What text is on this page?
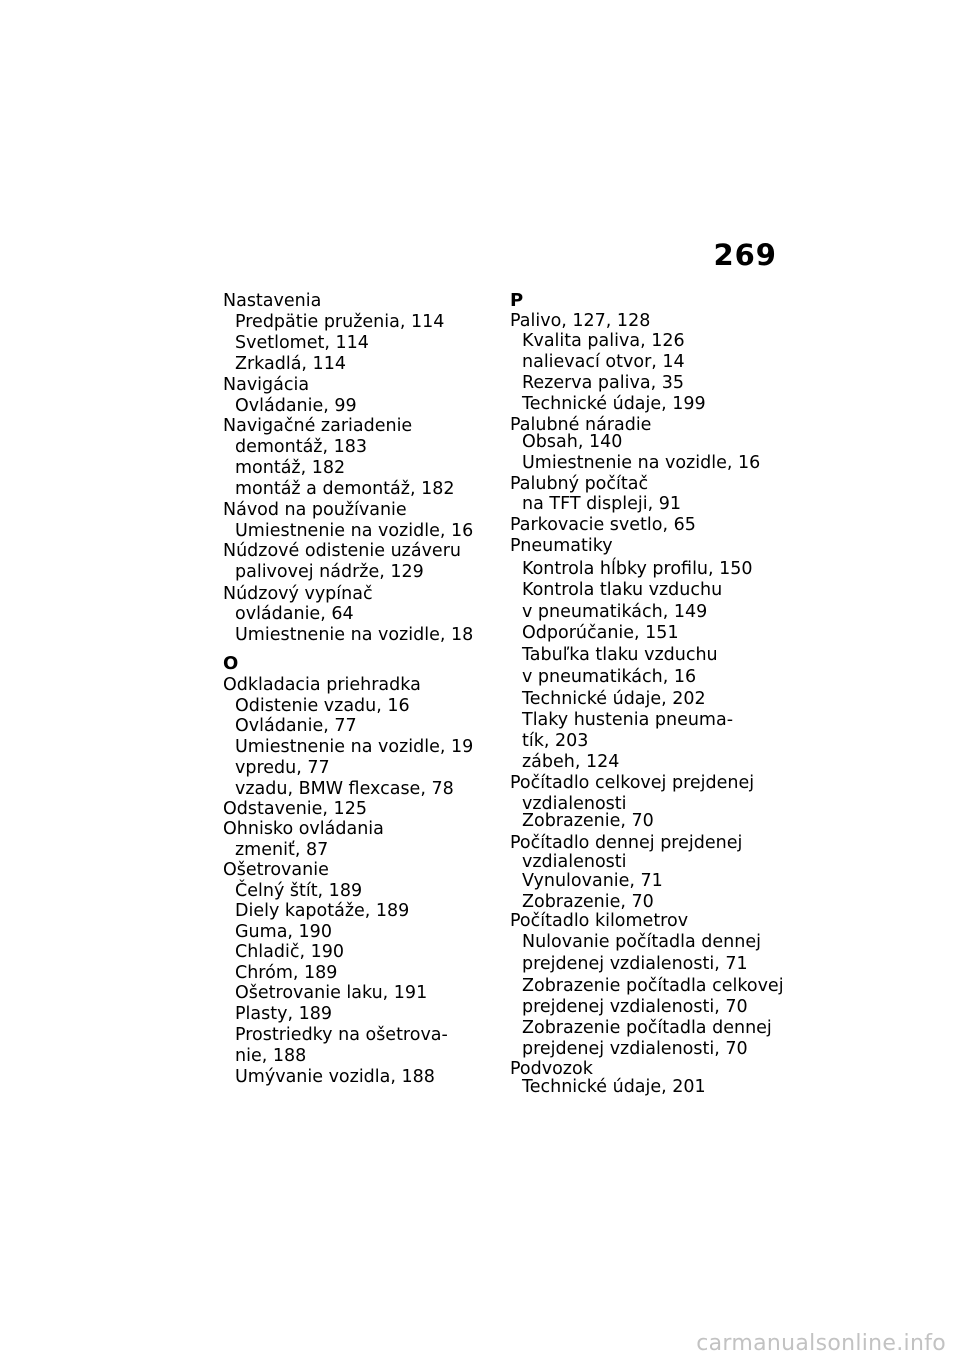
269
Nastavenia
Predpätie pruženia, 114
Svetlomet, 114
Zrkadlá, 114
Navigácia
Ovládanie, 99
Navigačné zariadenie
demontáž, 183
montáž, 182
montáž a demontáž, 182
Návod na používanie
Umiestnenie na vozidle, 16
Núdzové odistenie uzáveru
palivovej nádrže, 129
Núdzový vypínač
ovládanie, 64
Umiestnenie na vozidle, 18
O
Odkladacia priehradka
Odistenie vzadu, 16
Ovládanie, 77
Umiestnenie na vozidle, 19
vpredu, 77
vzadu, BMW flexcase, 78
Odstavenie, 125
Ohnisko ovládania
zmeniť, 87
Ošetrovanie
Čelný štít, 189
Diely kapotáže, 189
Guma, 190
Chladič, 190
Chróm, 189
Ošetrovanie laku, 191
Plasty, 189
Prostriedky na ošetrova-
nie, 188
Umývanie vozidla, 188
P
Palivo, 127, 128
Kvalita paliva, 126
nalievací otvor, 14
Rezerva paliva, 35
Technické údaje, 199
Palubné náradie
Obsah, 140
Umiestnenie na vozidle, 16
Palubný počítač
na TFT displeji, 91
Parkovacie svetlo, 65
Pneumatiky
Kontrola hĺbky profilu, 150
Kontrola tlaku vzduchu
v pneumatikách, 149
Odporúčanie, 151
Tabuľka tlaku vzduchu
v pneumatikách, 16
Technické údaje, 202
Tlaky hustenia pneuma-
tík, 203
zábeh, 124
Počítadlo celkovej prejdenej
vzdialenosti
Zobrazenie, 70
Počítadlo dennej prejdenej
vzdialenosti
Vynulovanie, 71
Zobrazenie, 70
Počítadlo kilometrov
Nulovanie počítadla dennej
prejdenej vzdialenosti, 71
Zobrazenie počítadla celkovej
prejdenej vzdialenosti, 70
Zobrazenie počítadla dennej
prejdenej vzdialenosti, 70
Podvozok
Technické údaje, 201
carmanualsonline.info
